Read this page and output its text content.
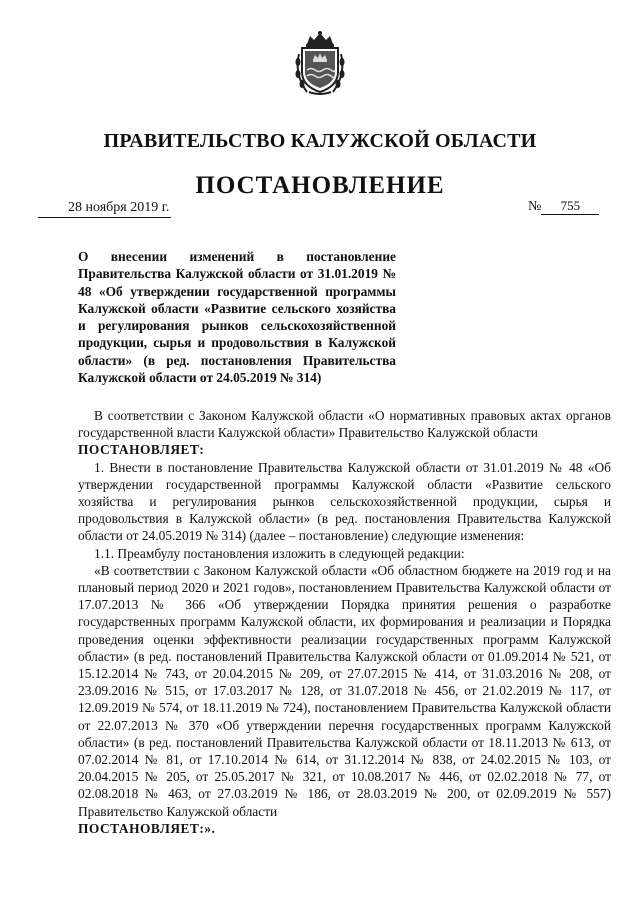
ПРАВИТЕЛЬСТВО КАЛУЖСКОЙ ОБЛАСТИ
ПОСТАНОВЛЕНИЕ
28 ноября 2019 г.	№ 755
О внесении изменений в постановление Правительства Калужской области от 31.01.2019 № 48 «Об утверждении государственной программы Калужской области «Развитие сельского хозяйства и регулирования рынков сельскохозяйственной продукции, сырья и продовольствия в Калужской области» (в ред. постановления Правительства Калужской области от 24.05.2019 № 314)

В соответствии с Законом Калужской области «О нормативных правовых актах органов государственной власти Калужской области» Правительство Калужской области

ПОСТАНОВЛЯЕТ:

1. Внести в постановление Правительства Калужской области от 31.01.2019 № 48 «Об утверждении государственной программы Калужской области «Развитие сельского хозяйства и регулирования рынков сельскохозяйственной продукции, сырья и продовольствия в Калужской области» (в ред. постановления Правительства Калужской области от 24.05.2019 № 314) (далее – постановление) следующие изменения:

1.1. Преамбулу постановления изложить в следующей редакции:

«В соответствии с Законом Калужской области «Об областном бюджете на 2019 год и на плановый период 2020 и 2021 годов», постановлением Правительства Калужской области от 17.07.2013 № 366 «Об утверждении Порядка принятия решения о разработке государственных программ Калужской области, их формирования и реализации и Порядка проведения оценки эффективности реализации государственных программ Калужской области» (в ред. постановлений Правительства Калужской области от 01.09.2014 № 521, от 15.12.2014 № 743, от 20.04.2015 № 209, от 27.07.2015 № 414, от 31.03.2016 № 208, от 23.09.2016 № 515, от 17.03.2017 № 128, от 31.07.2018 № 456, от 21.02.2019 № 117, от 12.09.2019 № 574, от 18.11.2019 № 724), постановлением Правительства Калужской области от 22.07.2013 № 370 «Об утверждении перечня государственных программ Калужской области» (в ред. постановлений Правительства Калужской области от 18.11.2013 № 613, от 07.02.2014 № 81, от 17.10.2014 № 614, от 31.12.2014 № 838, от 24.02.2015 № 103, от 20.04.2015 № 205, от 25.05.2017 № 321, от 10.08.2017 № 446, от 02.02.2018 № 77, от 02.08.2018 № 463, от 27.03.2019 № 186, от 28.03.2019 № 200, от 02.09.2019 № 557) Правительство Калужской области

ПОСТАНОВЛЯЕТ:».
